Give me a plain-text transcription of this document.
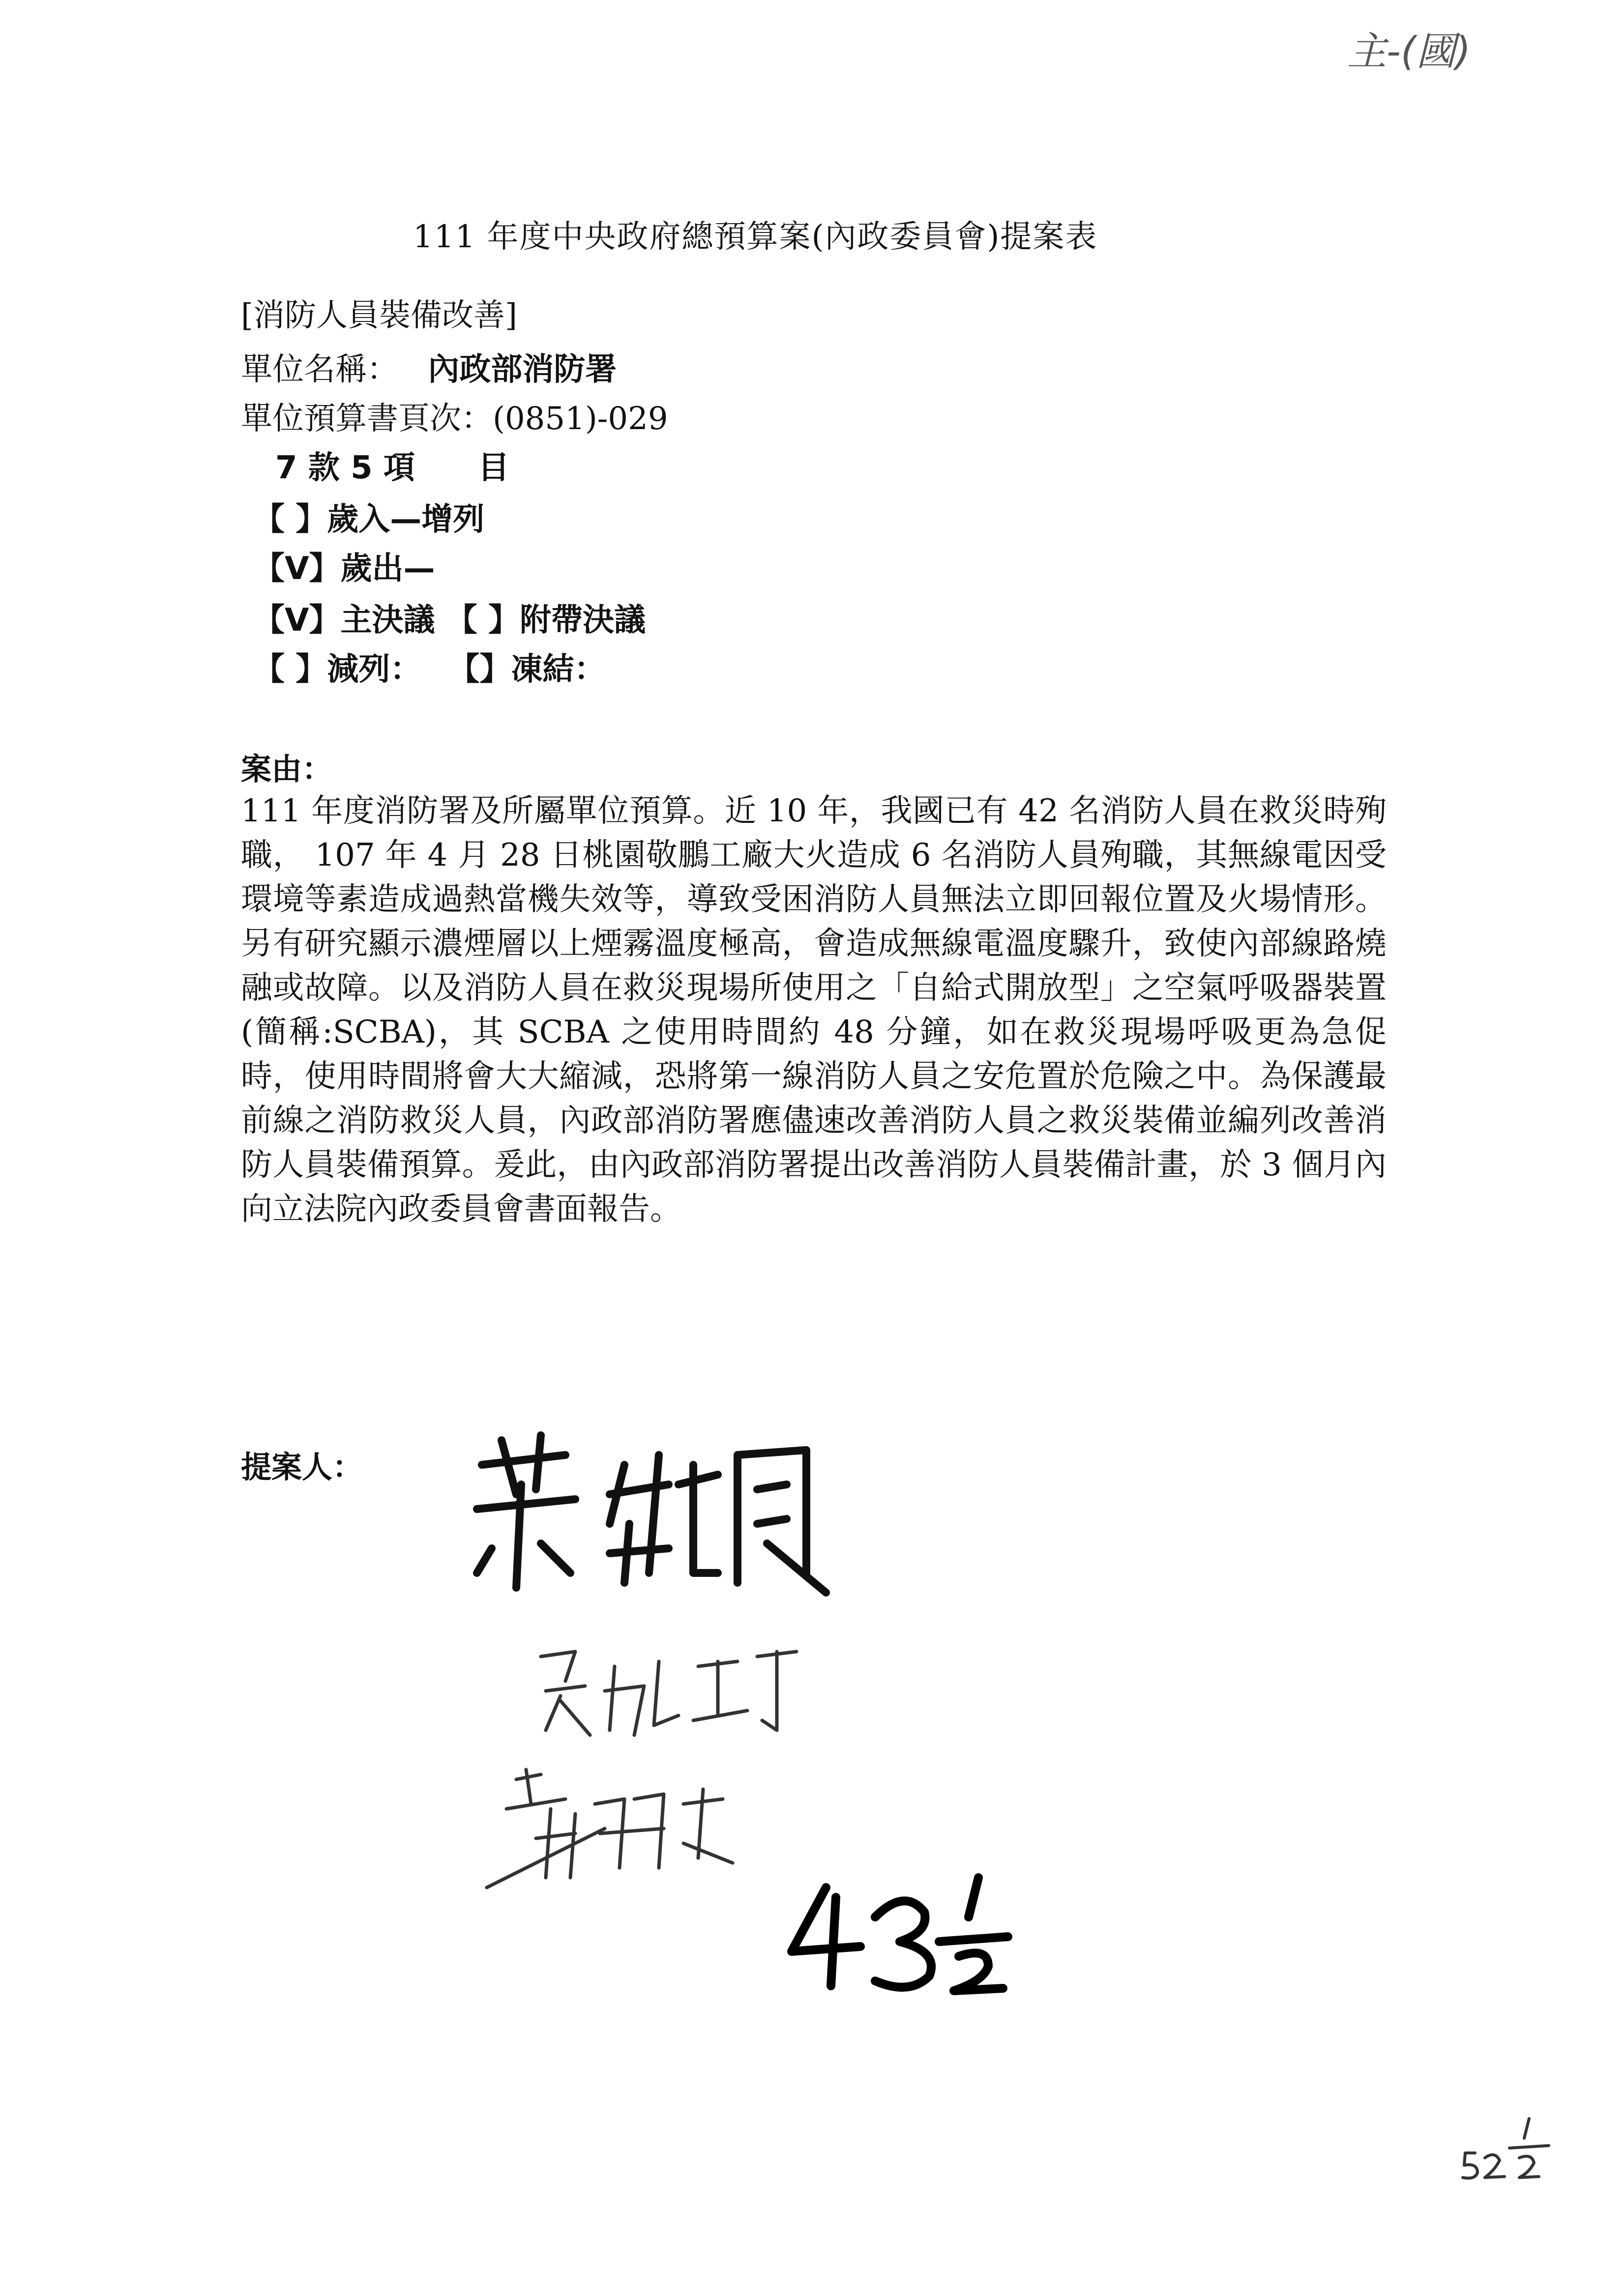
主-(國)
111 年度中央政府總預算案(內政委員會)提案表
[消防人員裝備改善]
單位名稱： 內政部消防署
單位預算書頁次：(0851)-029
7 款 5 項　　目
【 】歲入—增列
【V】歲出—
【V】主決議 【 】附帶決議
【 】減列：　 【】凍結：
案由：
111 年度消防署及所屬單位預算。近 10 年，我國已有 42 名消防人員在救災時殉職， 107 年 4 月 28 日桃園敬鵬工廠大火造成 6 名消防人員殉職，其無線電因受環境等素造成過熱當機失效等，導致受困消防人員無法立即回報位置及火場情形。另有研究顯示濃煙層以上煙霧溫度極高，會造成無線電溫度驟升，致使內部線路燒融或故障。以及消防人員在救災現場所使用之「自給式開放型」之空氣呼吸器裝置(簡稱:SCBA)，其 SCBA 之使用時間約 48 分鐘，如在救災現場呼吸更為急促時，使用時間將會大大縮減，恐將第一線消防人員之安危置於危險之中。為保護最前線之消防救災人員，內政部消防署應儘速改善消防人員之救災裝備並編列改善消防人員裝備預算。爰此，由內政部消防署提出改善消防人員裝備計畫，於 3 個月內向立法院內政委員會書面報告。
提案人：
